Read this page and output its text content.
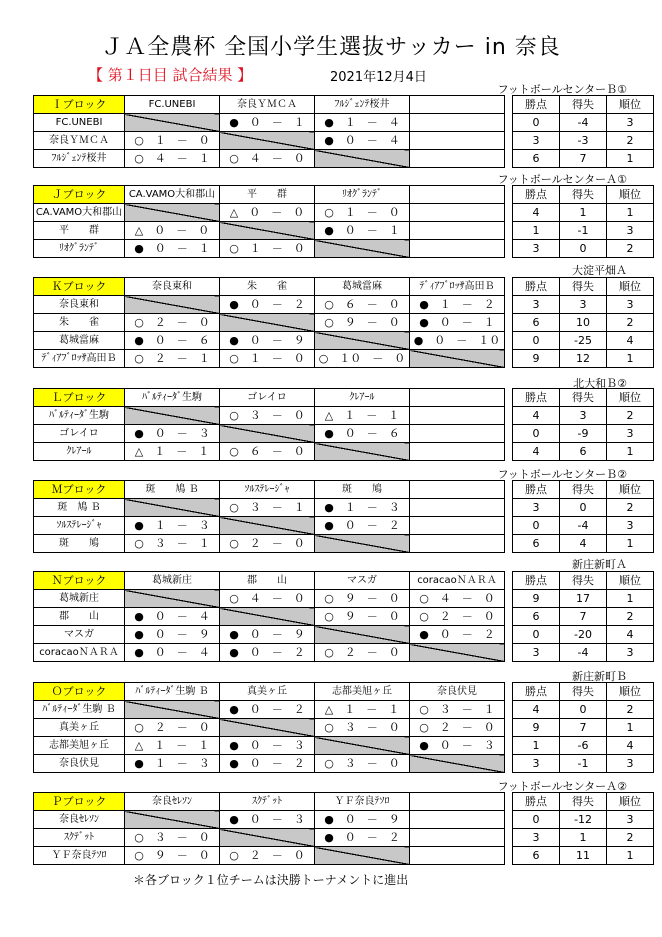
ＪＡ全農杯 全国小学生選抜サッカー in 奈良
【 第１日目 試合結果 】	2021年12月4日
フットボールセンターＢ①
Ｉブロック	FC.UNEBI	奈良ＹＭＣＡ	ﾌﾙｼﾞｪﾝﾃ桜井			勝点	得失	順位
FC.UNEBI		●　０　－　１	●　１　－　４			0	-4	3
奈良ＹＭＣＡ	○　１　－　０		●　０　－　４			3	-3	2
ﾌﾙｼﾞｪﾝﾃ桜井	○　４　－　１	○　４　－　０				6	7	1
フットボールセンターＡ①
Ｊブロック	CA.VAMO大和郡山	平　　群	ﾘｵｸﾞﾗﾝﾃﾞ			勝点	得失	順位
CA.VAMO大和郡山		△　０　－　０	○　１　－　０			4	1	1
平　　群	△　０　－　０		●　０　－　１			1	-1	3
ﾘｵｸﾞﾗﾝﾃﾞ	●　０　－　１	○　１　－　０				3	0	2
大淀平畑Ａ
Ｋブロック	奈良東和	朱　　雀	葛城當麻	ﾃﾞｨｱﾌﾞﾛｯｻ高田Ｂ		勝点	得失	順位
奈良東和		●　０　－　２	○　６　－　０	●　１　－　２		3	3	3
朱　　雀	○　２　－　０		○　９　－　０	●　０　－　１		6	10	2
葛城當麻	●　０　－　６	●　０　－　９		●　０　－　１０		0	-25	4
ﾃﾞｨｱﾌﾞﾛｯｻ高田Ｂ	○　２　－　１	○　１　－　０	○　１０　－　０			9	12	1
北大和Ｂ②
Ｌブロック	ﾊﾞﾙﾃｨｰﾀﾞ生駒	ゴレイロ	ｸﾚｱｰﾙ			勝点	得失	順位
ﾊﾞﾙﾃｨｰﾀﾞ生駒		○　３　－　０	△　１　－　１			4	3	2
ゴレイロ	●　０　－　３		●　０　－　６			0	-9	3
ｸﾚｱｰﾙ	△　１　－　１	○　６　－　０				4	6	1
フットボールセンターＢ②
Ｍブロック	斑　　鳩 Ｂ	ｿﾙｽﾃﾚｰｼﾞｬ	斑　　鳩			勝点	得失	順位
斑　鳩 Ｂ		○　３　－　１	●　１　－　３			3	0	2
ｿﾙｽﾃﾚｰｼﾞｬ	●　１　－　３		●　０　－　２			0	-4	3
斑　　鳩	○　３　－　１	○　２　－　０				6	4	1
新庄新町Ａ
Ｎブロック	葛城新庄	郡　　山	マスガ	coracaoＮＡＲＡ		勝点	得失	順位
葛城新庄		○　４　－　０	○　９　－　０	○　４　－　０		9	17	1
郡　　山	●　０　－　４		○　９　－　０	○　２　－　０		6	7	2
マスガ	●　０　－　９	●　０　－　９		●　０　－　２		0	-20	4
coracaoＮＡＲＡ	●　０　－　４	●　０　－　２	○　２　－　０			3	-4	3
新庄新町Ｂ
Ｏブロック	ﾊﾞﾙﾃｨｰﾀﾞ生駒 Ｂ	真美ヶ丘	志都美旭ヶ丘	奈良伏見		勝点	得失	順位
ﾊﾞﾙﾃｨｰﾀﾞ生駒 Ｂ		●　０　－　２	△　１　－　１	○　３　－　１		4	0	2
真美ヶ丘	○　２　－　０		○　３　－　０	○　２　－　０		9	7	1
志都美旭ヶ丘	△　１　－　１	●　０　－　３		●　０　－　３		1	-6	4
奈良伏見	●　１　－　３	●　０　－　２	○　３　－　０			3	-1	3
フットボールセンターＡ②
Ｐブロック	奈良ｾﾚｿﾝ	ｽｸﾃﾞｯﾄ	ＹＦ奈良ﾃｿﾛ			勝点	得失	順位
奈良ｾﾚｿﾝ		●　０　－　３	●　０　－　９			0	-12	3
ｽｸﾃﾞｯﾄ	○　３　－　０		●　０　－　２			3	1	2
ＹＦ奈良ﾃｿﾛ	○　９　－　０	○　２　－　０				6	11	1
＊各ブロック１位チームは決勝トーナメントに進出
